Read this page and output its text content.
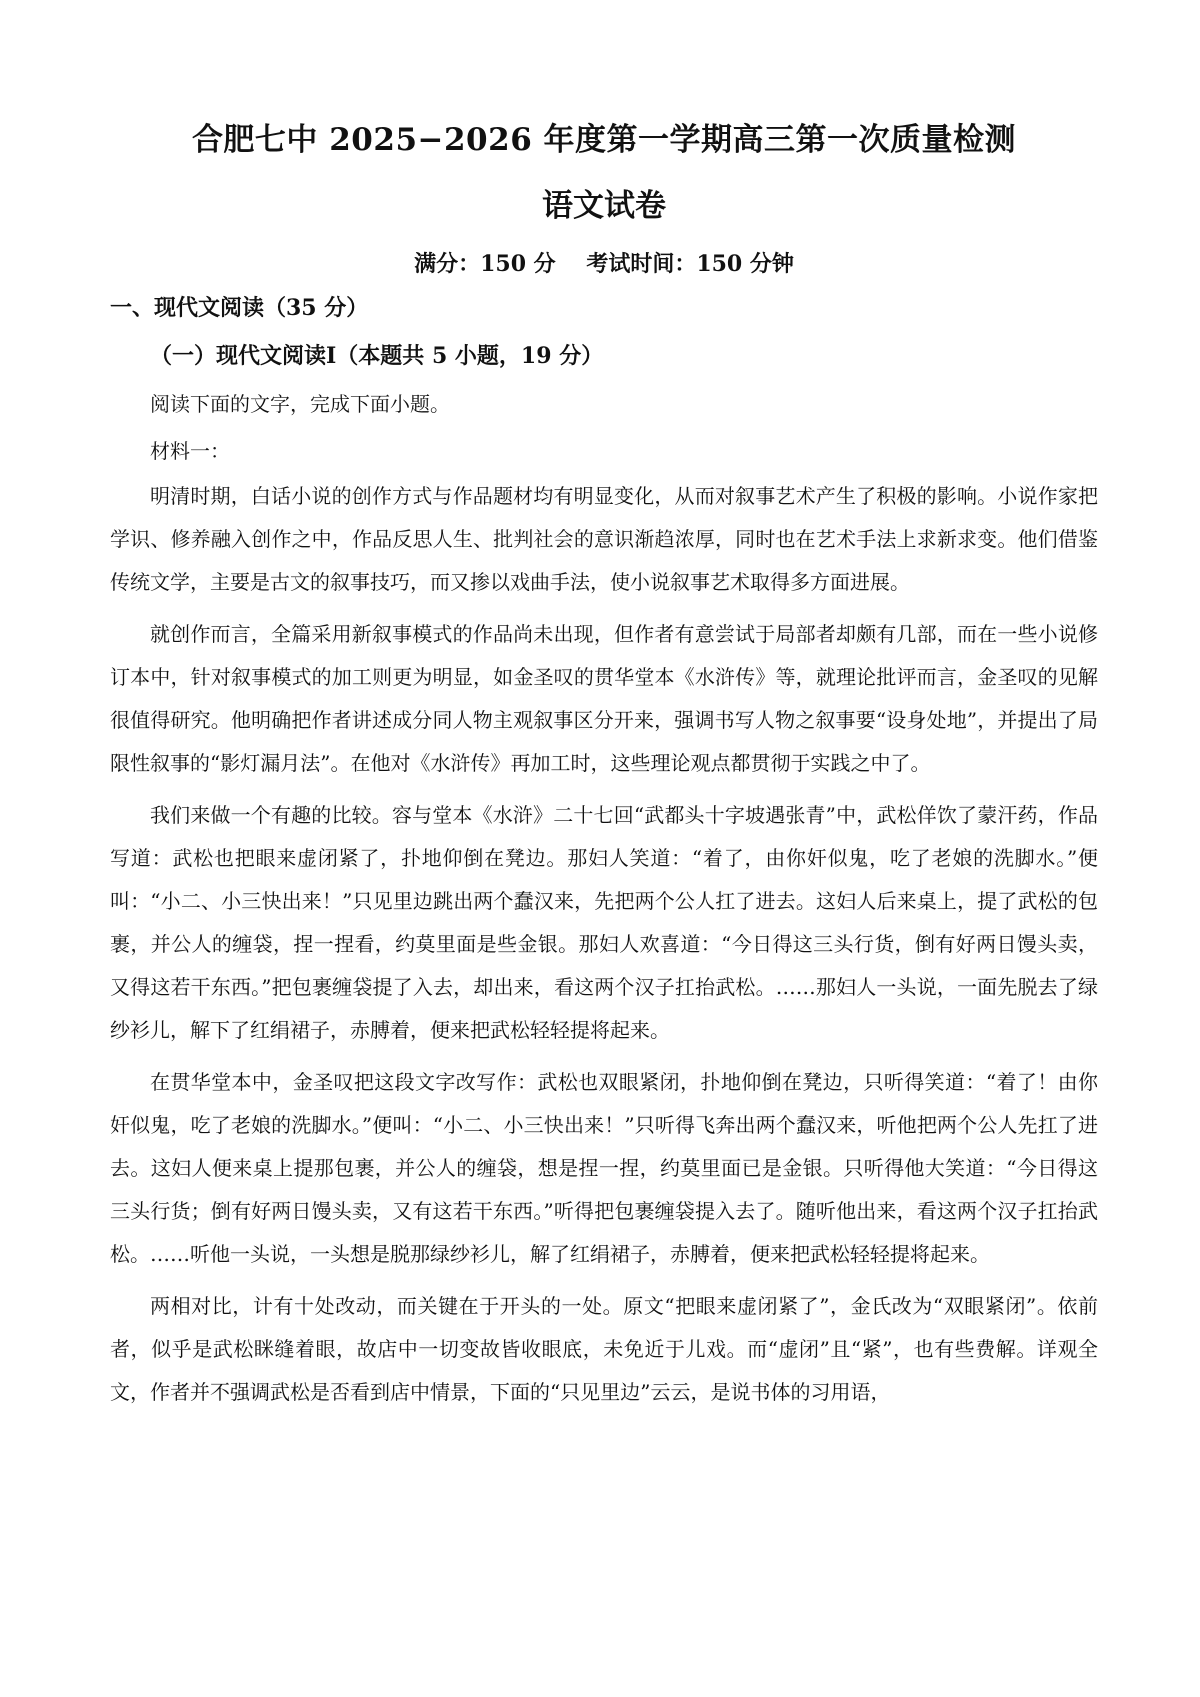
合肥七中 2025−2026 年度第一学期高三第一次质量检测
语文试卷
满分：150 分    考试时间：150 分钟
一、现代文阅读（35 分）
（一）现代文阅读Ⅰ（本题共 5 小题，19 分）

阅读下面的文字，完成下面小题。

材料一：

明清时期，白话小说的创作方式与作品题材均有明显变化，从而对叙事艺术产生了积极的影响。小说作家把学识、修养融入创作之中，作品反思人生、批判社会的意识渐趋浓厚，同时也在艺术手法上求新求变。他们借鉴传统文学，主要是古文的叙事技巧，而又掺以戏曲手法，使小说叙事艺术取得多方面进展。

就创作而言，全篇采用新叙事模式的作品尚未出现，但作者有意尝试于局部者却颇有几部，而在一些小说修订本中，针对叙事模式的加工则更为明显，如金圣叹的贯华堂本《水浒传》等，就理论批评而言，金圣叹的见解很值得研究。他明确把作者讲述成分同人物主观叙事区分开来，强调书写人物之叙事要“设身处地”，并提出了局限性叙事的“影灯漏月法”。在他对《水浒传》再加工时，这些理论观点都贯彻于实践之中了。

我们来做一个有趣的比较。容与堂本《水浒》二十七回“武都头十字坡遇张青”中，武松佯饮了蒙汗药，作品写道：武松也把眼来虚闭紧了，扑地仰倒在凳边。那妇人笑道：“着了，由你奸似鬼，吃了老娘的洗脚水。”便叫：“小二、小三快出来！”只见里边跳出两个蠢汉来，先把两个公人扛了进去。这妇人后来桌上，提了武松的包裹，并公人的缠袋，捏一捏看，约莫里面是些金银。那妇人欢喜道：“今日得这三头行货，倒有好两日馒头卖，又得这若干东西。”把包裹缠袋提了入去，却出来，看这两个汉子扛抬武松。……那妇人一头说，一面先脱去了绿纱衫儿，解下了红绢裙子，赤膊着，便来把武松轻轻提将起来。

在贯华堂本中，金圣叹把这段文字改写作：武松也双眼紧闭，扑地仰倒在凳边，只听得笑道：“着了！由你奸似鬼，吃了老娘的洗脚水。”便叫：“小二、小三快出来！”只听得飞奔出两个蠢汉来，听他把两个公人先扛了进去。这妇人便来桌上提那包裹，并公人的缠袋，想是捏一捏，约莫里面已是金银。只听得他大笑道：“今日得这三头行货；倒有好两日馒头卖，又有这若干东西。”听得把包裹缠袋提入去了。随听他出来，看这两个汉子扛抬武松。……听他一头说，一头想是脱那绿纱衫儿，解了红绢裙子，赤膊着，便来把武松轻轻提将起来。

两相对比，计有十处改动，而关键在于开头的一处。原文“把眼来虚闭紧了”，金氏改为“双眼紧闭”。依前者，似乎是武松眯缝着眼，故店中一切变故皆收眼底，未免近于儿戏。而“虚闭”且“紧”，也有些费解。详观全文，作者并不强调武松是否看到店中情景，下面的“只见里边”云云，是说书体的习用语，
